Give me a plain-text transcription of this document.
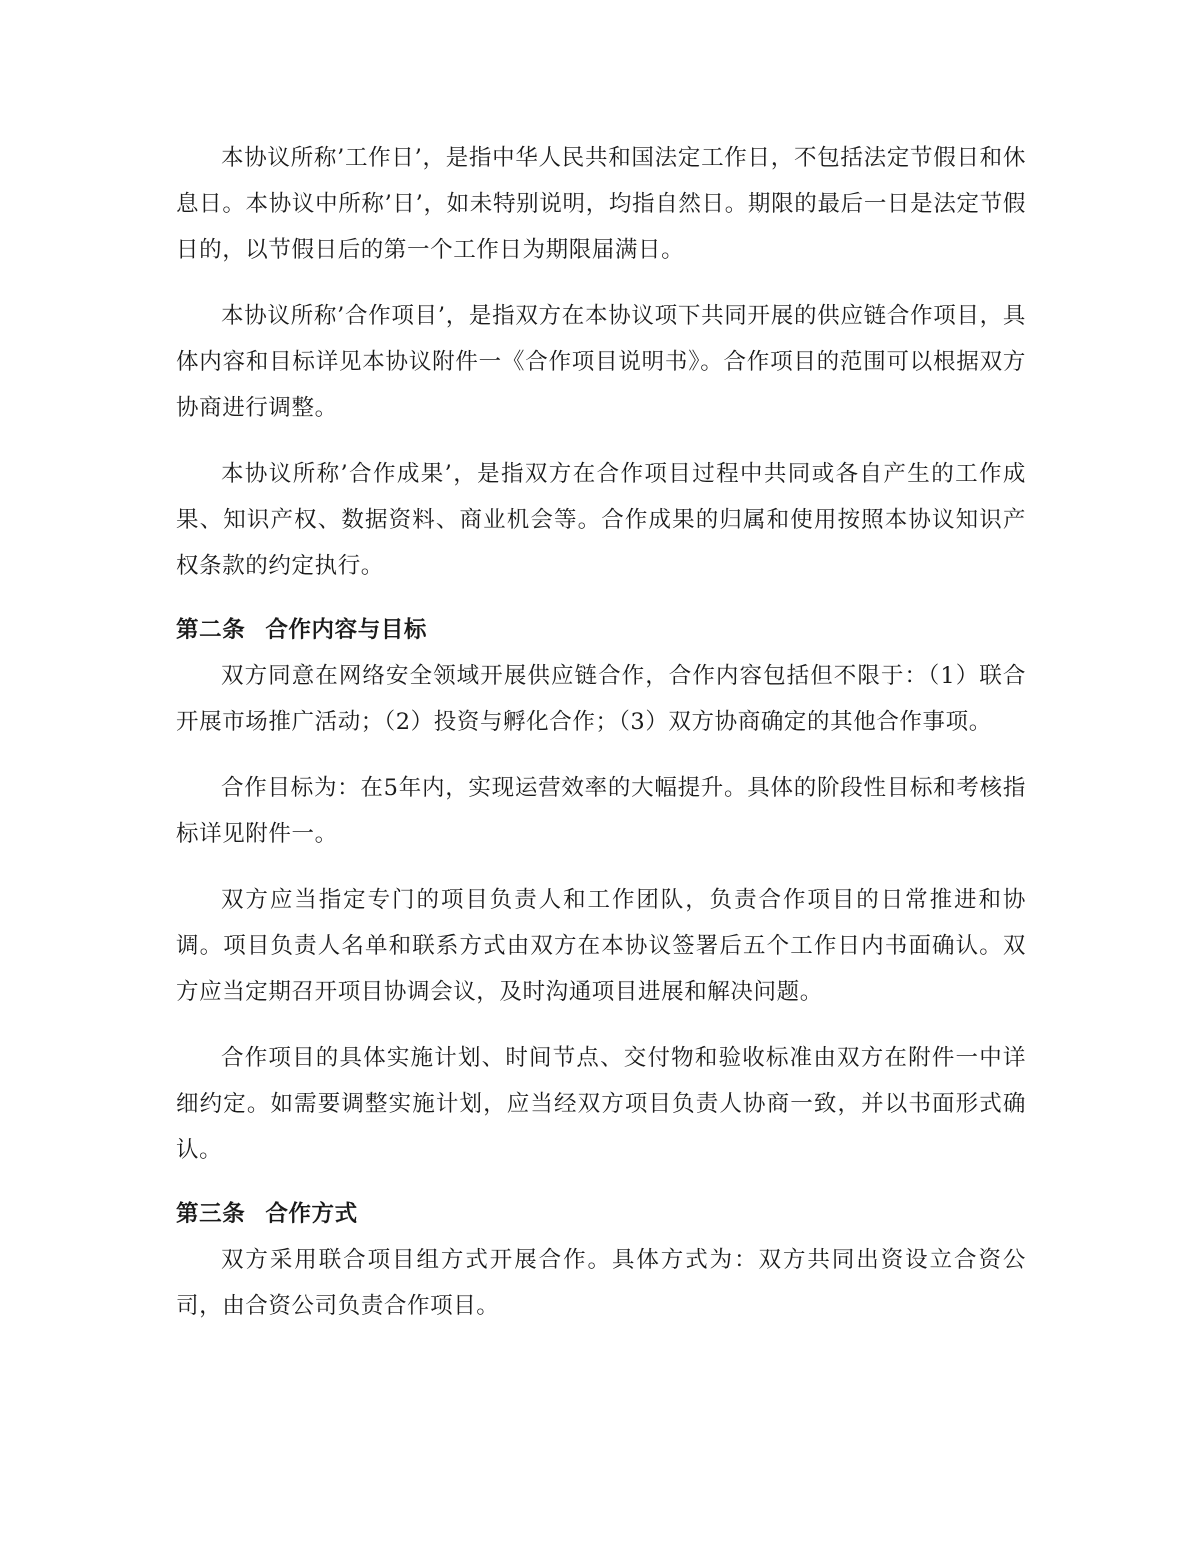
本协议所称’工作日’，是指中华人民共和国法定工作日，不包括法定节假日和休息日。本协议中所称’日’，如未特别说明，均指自然日。期限的最后一日是法定节假日的，以节假日后的第一个工作日为期限届满日。

本协议所称’合作项目’，是指双方在本协议项下共同开展的供应链合作项目，具体内容和目标详见本协议附件一《合作项目说明书》。合作项目的范围可以根据双方协商进行调整。

本协议所称’合作成果’，是指双方在合作项目过程中共同或各自产生的工作成果、知识产权、数据资料、商业机会等。合作成果的归属和使用按照本协议知识产权条款的约定执行。

第二条 合作内容与目标

双方同意在网络安全领域开展供应链合作，合作内容包括但不限于：（1）联合开展市场推广活动；（2）投资与孵化合作；（3）双方协商确定的其他合作事项。

合作目标为：在5年内，实现运营效率的大幅提升。具体的阶段性目标和考核指标详见附件一。

双方应当指定专门的项目负责人和工作团队，负责合作项目的日常推进和协调。项目负责人名单和联系方式由双方在本协议签署后五个工作日内书面确认。双方应当定期召开项目协调会议，及时沟通项目进展和解决问题。

合作项目的具体实施计划、时间节点、交付物和验收标准由双方在附件一中详细约定。如需要调整实施计划，应当经双方项目负责人协商一致，并以书面形式确认。

第三条 合作方式

双方采用联合项目组方式开展合作。具体方式为：双方共同出资设立合资公司，由合资公司负责合作项目。
